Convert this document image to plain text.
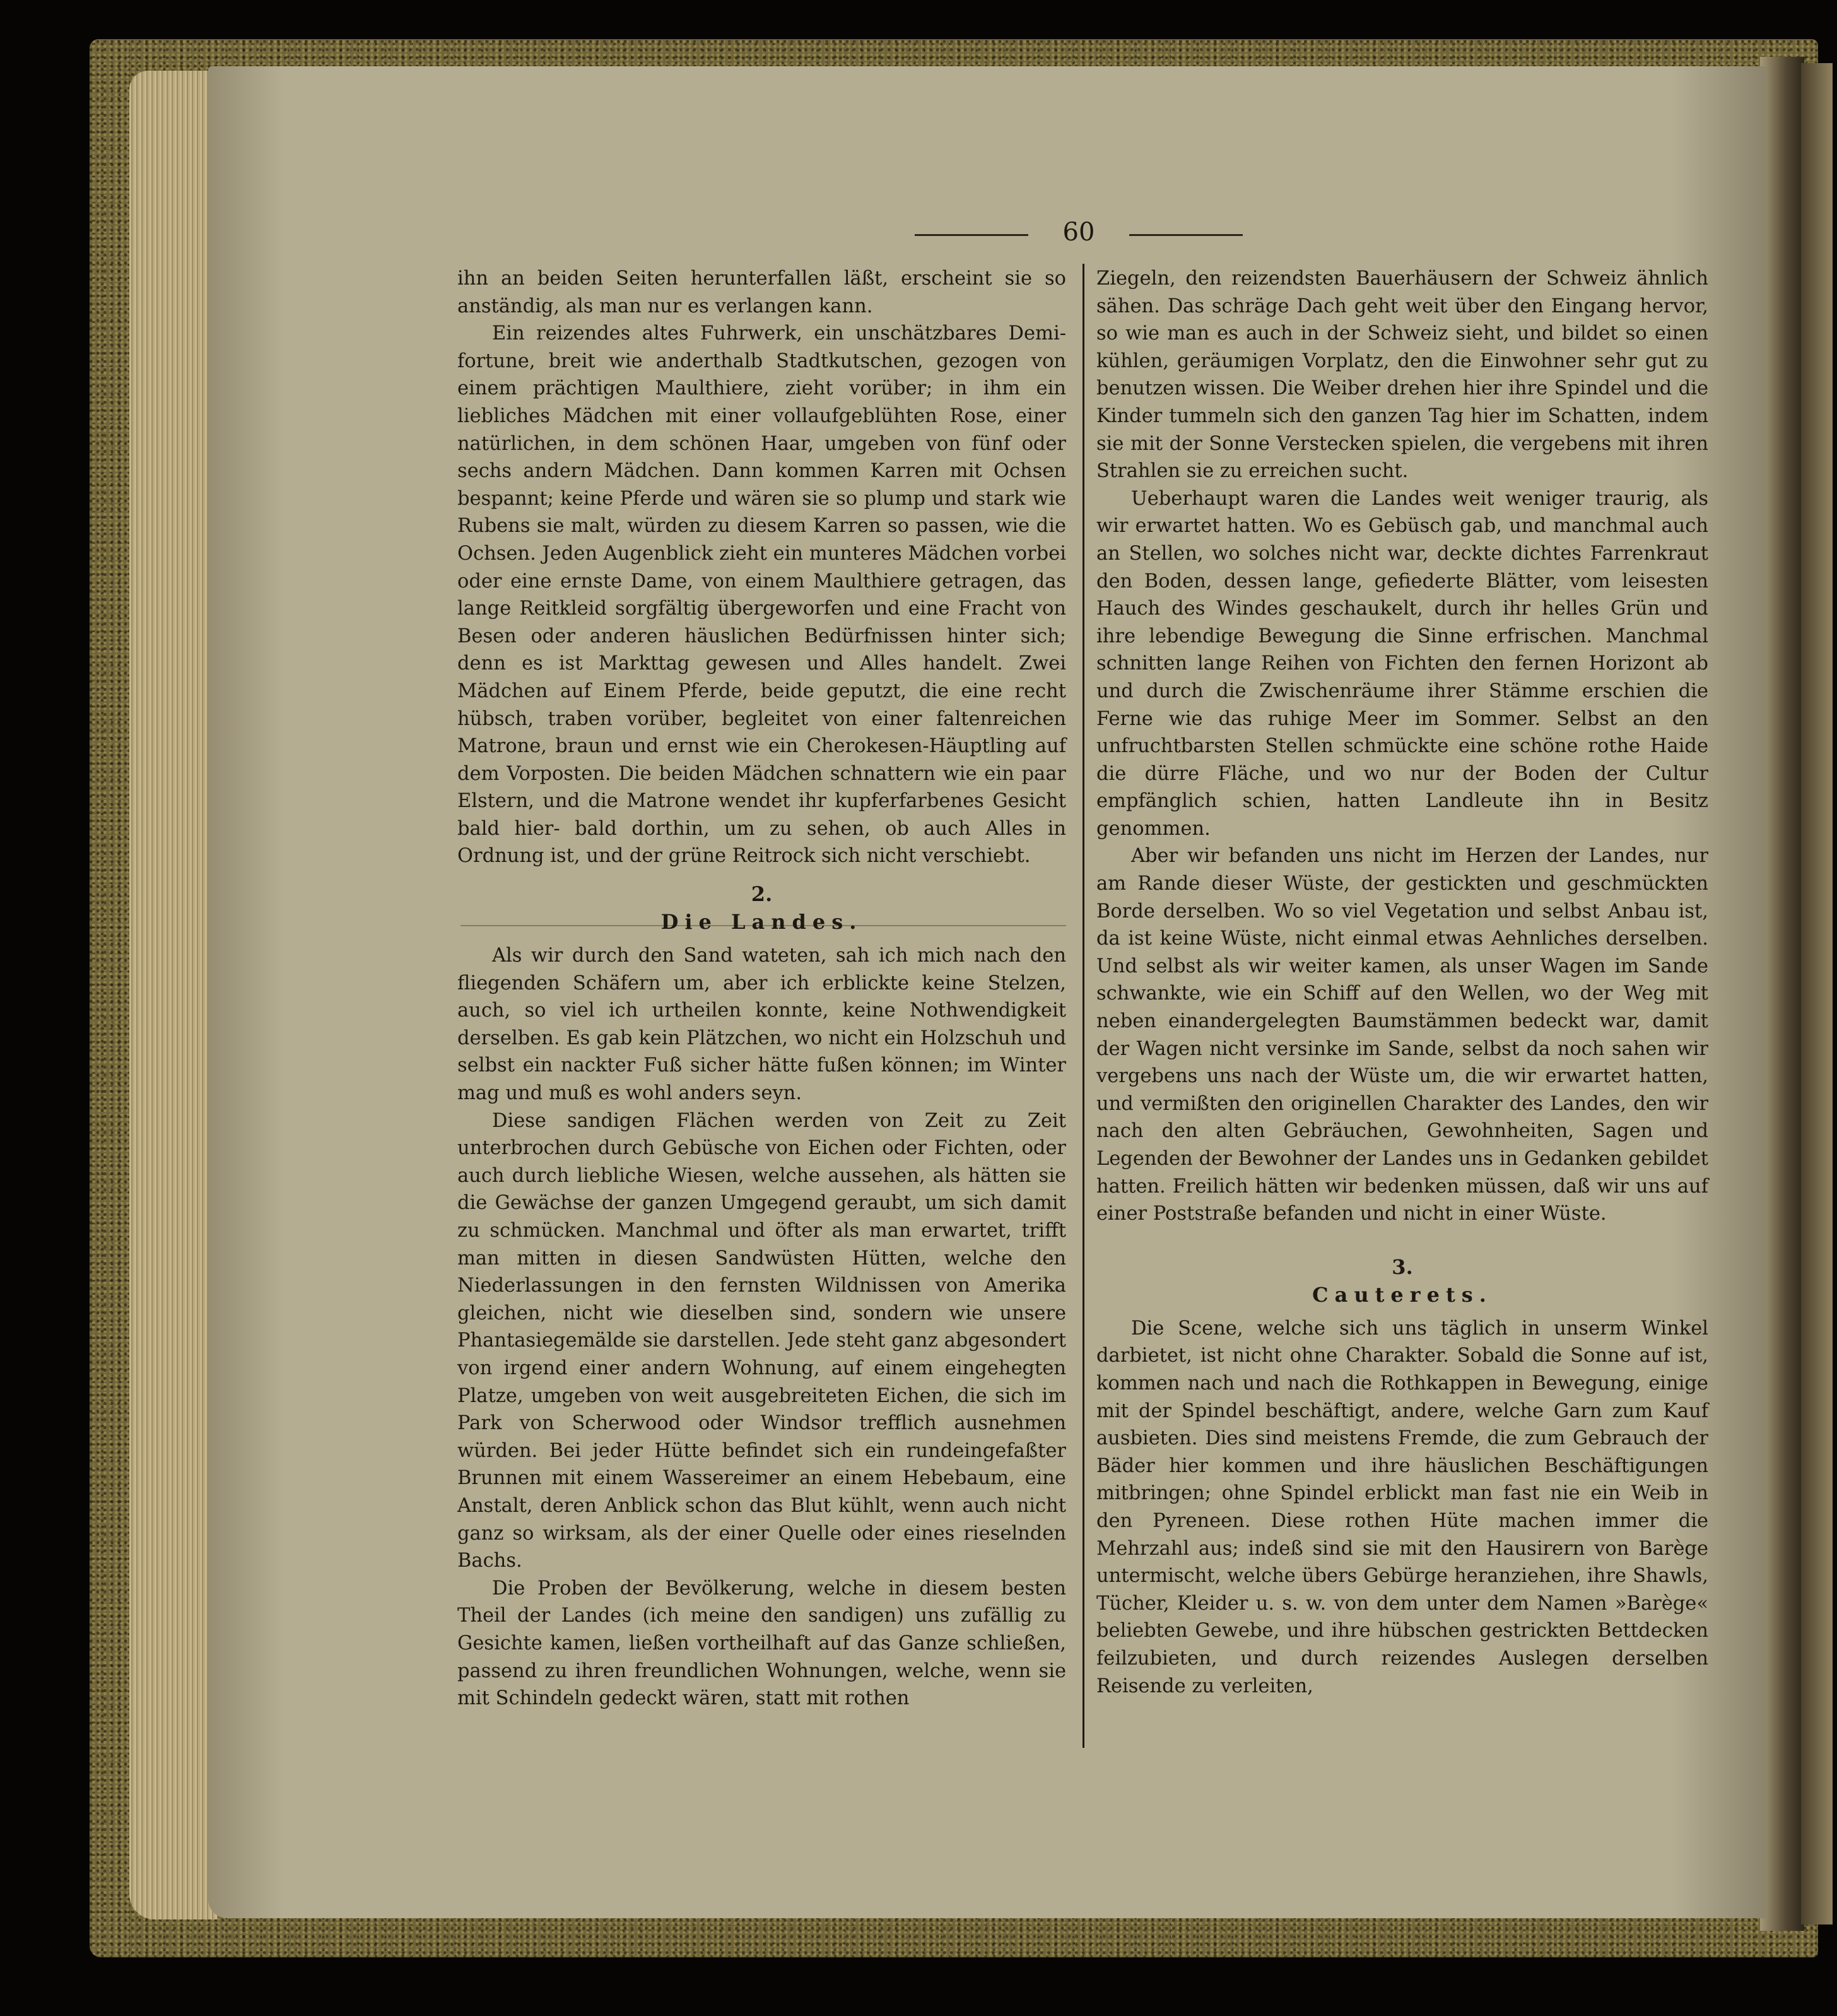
60

ihn an beiden Seiten herunterfallen läßt, erscheint sie so anständig, als man nur es verlangen kann.

Ein reizendes altes Fuhrwerk, ein unschätzbares Demi-fortune, breit wie anderthalb Stadtkutschen, gezogen von einem prächtigen Maulthiere, zieht vorüber; in ihm ein liebliches Mädchen mit einer vollaufgeblühten Rose, einer natürlichen, in dem schönen Haar, umgeben von fünf oder sechs andern Mädchen. Dann kommen Karren mit Ochsen bespannt; keine Pferde und wären sie so plump und stark wie Rubens sie malt, würden zu diesem Karren so passen, wie die Ochsen. Jeden Augenblick zieht ein munteres Mädchen vorbei oder eine ernste Dame, von einem Maulthiere getragen, das lange Reitkleid sorgfältig übergeworfen und eine Fracht von Besen oder anderen häuslichen Bedürfnissen hinter sich; denn es ist Markttag gewesen und Alles handelt. Zwei Mädchen auf Einem Pferde, beide geputzt, die eine recht hübsch, traben vorüber, begleitet von einer faltenreichen Matrone, braun und ernst wie ein Cherokesen-Häuptling auf dem Vorposten. Die beiden Mädchen schnattern wie ein paar Elstern, und die Matrone wendet ihr kupferfarbenes Gesicht bald hier- bald dorthin, um zu sehen, ob auch Alles in Ordnung ist, und der grüne Reitrock sich nicht verschiebt.

2.
Die Landes.

Als wir durch den Sand wateten, sah ich mich nach den fliegenden Schäfern um, aber ich erblickte keine Stelzen, auch, so viel ich urtheilen konnte, keine Nothwendigkeit derselben. Es gab kein Plätzchen, wo nicht ein Holzschuh und selbst ein nackter Fuß sicher hätte fußen können; im Winter mag und muß es wohl anders seyn.

Diese sandigen Flächen werden von Zeit zu Zeit unterbrochen durch Gebüsche von Eichen oder Fichten, oder auch durch liebliche Wiesen, welche aussehen, als hätten sie die Gewächse der ganzen Umgegend geraubt, um sich damit zu schmücken. Manchmal und öfter als man erwartet, trifft man mitten in diesen Sandwüsten Hütten, welche den Niederlassungen in den fernsten Wildnissen von Amerika gleichen, nicht wie dieselben sind, sondern wie unsere Phantasiegemälde sie darstellen. Jede steht ganz abgesondert von irgend einer andern Wohnung, auf einem eingehegten Platze, umgeben von weit ausgebreiteten Eichen, die sich im Park von Scherwood oder Windsor trefflich ausnehmen würden. Bei jeder Hütte befindet sich ein rundeingefaßter Brunnen mit einem Wassereimer an einem Hebebaum, eine Anstalt, deren Anblick schon das Blut kühlt, wenn auch nicht ganz so wirksam, als der einer Quelle oder eines rieselnden Bachs.

Die Proben der Bevölkerung, welche in diesem besten Theil der Landes (ich meine den sandigen) uns zufällig zu Gesichte kamen, ließen vortheilhaft auf das Ganze schließen, passend zu ihren freundlichen Wohnungen, welche, wenn sie mit Schindeln gedeckt wären, statt mit rothen

Ziegeln, den reizendsten Bauerhäusern der Schweiz ähnlich sähen. Das schräge Dach geht weit über den Eingang hervor, so wie man es auch in der Schweiz sieht, und bildet so einen kühlen, geräumigen Vorplatz, den die Einwohner sehr gut zu benutzen wissen. Die Weiber drehen hier ihre Spindel und die Kinder tummeln sich den ganzen Tag hier im Schatten, indem sie mit der Sonne Verstecken spielen, die vergebens mit ihren Strahlen sie zu erreichen sucht.

Ueberhaupt waren die Landes weit weniger traurig, als wir erwartet hatten. Wo es Gebüsch gab, und manchmal auch an Stellen, wo solches nicht war, deckte dichtes Farrenkraut den Boden, dessen lange, gefiederte Blätter, vom leisesten Hauch des Windes geschaukelt, durch ihr helles Grün und ihre lebendige Bewegung die Sinne erfrischen. Manchmal schnitten lange Reihen von Fichten den fernen Horizont ab und durch die Zwischenräume ihrer Stämme erschien die Ferne wie das ruhige Meer im Sommer. Selbst an den unfruchtbarsten Stellen schmückte eine schöne rothe Haide die dürre Fläche, und wo nur der Boden der Cultur empfänglich schien, hatten Landleute ihn in Besitz genommen.

Aber wir befanden uns nicht im Herzen der Landes, nur am Rande dieser Wüste, der gestickten und geschmückten Borde derselben. Wo so viel Vegetation und selbst Anbau ist, da ist keine Wüste, nicht einmal etwas Aehnliches derselben. Und selbst als wir weiter kamen, als unser Wagen im Sande schwankte, wie ein Schiff auf den Wellen, wo der Weg mit neben einandergelegten Baumstämmen bedeckt war, damit der Wagen nicht versinke im Sande, selbst da noch sahen wir vergebens uns nach der Wüste um, die wir erwartet hatten, und vermißten den originellen Charakter des Landes, den wir nach den alten Gebräuchen, Gewohnheiten, Sagen und Legenden der Bewohner der Landes uns in Gedanken gebildet hatten. Freilich hätten wir bedenken müssen, daß wir uns auf einer Poststraße befanden und nicht in einer Wüste.

3.
Cauterets.

Die Scene, welche sich uns täglich in unserm Winkel darbietet, ist nicht ohne Charakter. Sobald die Sonne auf ist, kommen nach und nach die Rothkappen in Bewegung, einige mit der Spindel beschäftigt, andere, welche Garn zum Kauf ausbieten. Dies sind meistens Fremde, die zum Gebrauch der Bäder hier kommen und ihre häuslichen Beschäftigungen mitbringen; ohne Spindel erblickt man fast nie ein Weib in den Pyreneen. Diese rothen Hüte machen immer die Mehrzahl aus; indeß sind sie mit den Hausirern von Barège untermischt, welche übers Gebürge heranziehen, ihre Shawls, Tücher, Kleider u. s. w. von dem unter dem Namen »Barège« beliebten Gewebe, und ihre hübschen gestrickten Bettdecken feilzubieten, und durch reizendes Auslegen derselben Reisende zu verleiten,
